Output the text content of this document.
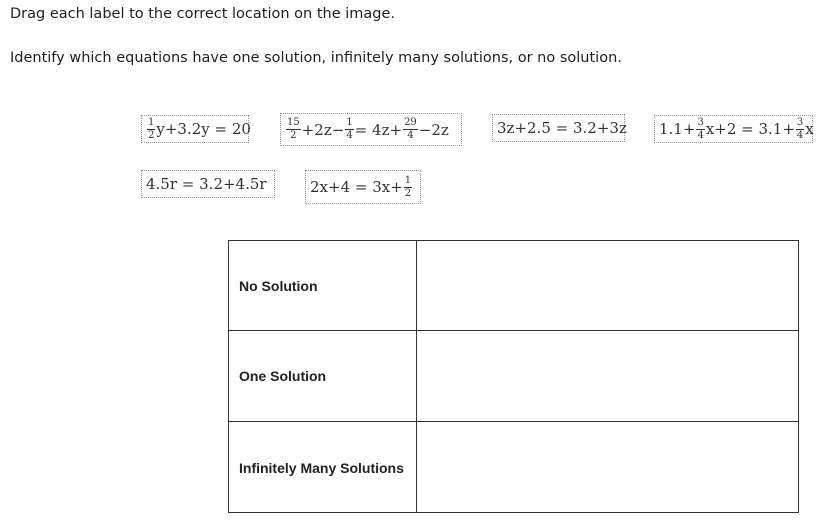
Drag each label to the correct location on the image.

Identify which equations have one solution, infinitely many solutions, or no solution.

$\frac{1}{2} y+3.2y = 20$	$\frac{15}{2} +2z- \frac{1}{4} = 4z+ \frac{29}{4} -2z$	3z+2.5 = 3.2+3z $1.1+ \frac{3}{4} x+2 = 3.1+ \frac{3}{4}$ x
4.5r = 3.2+4.5r	$2x+4 = 3x+ \frac{1}{2}$
No Solution
One Solution
Infinitely Many Solutions
